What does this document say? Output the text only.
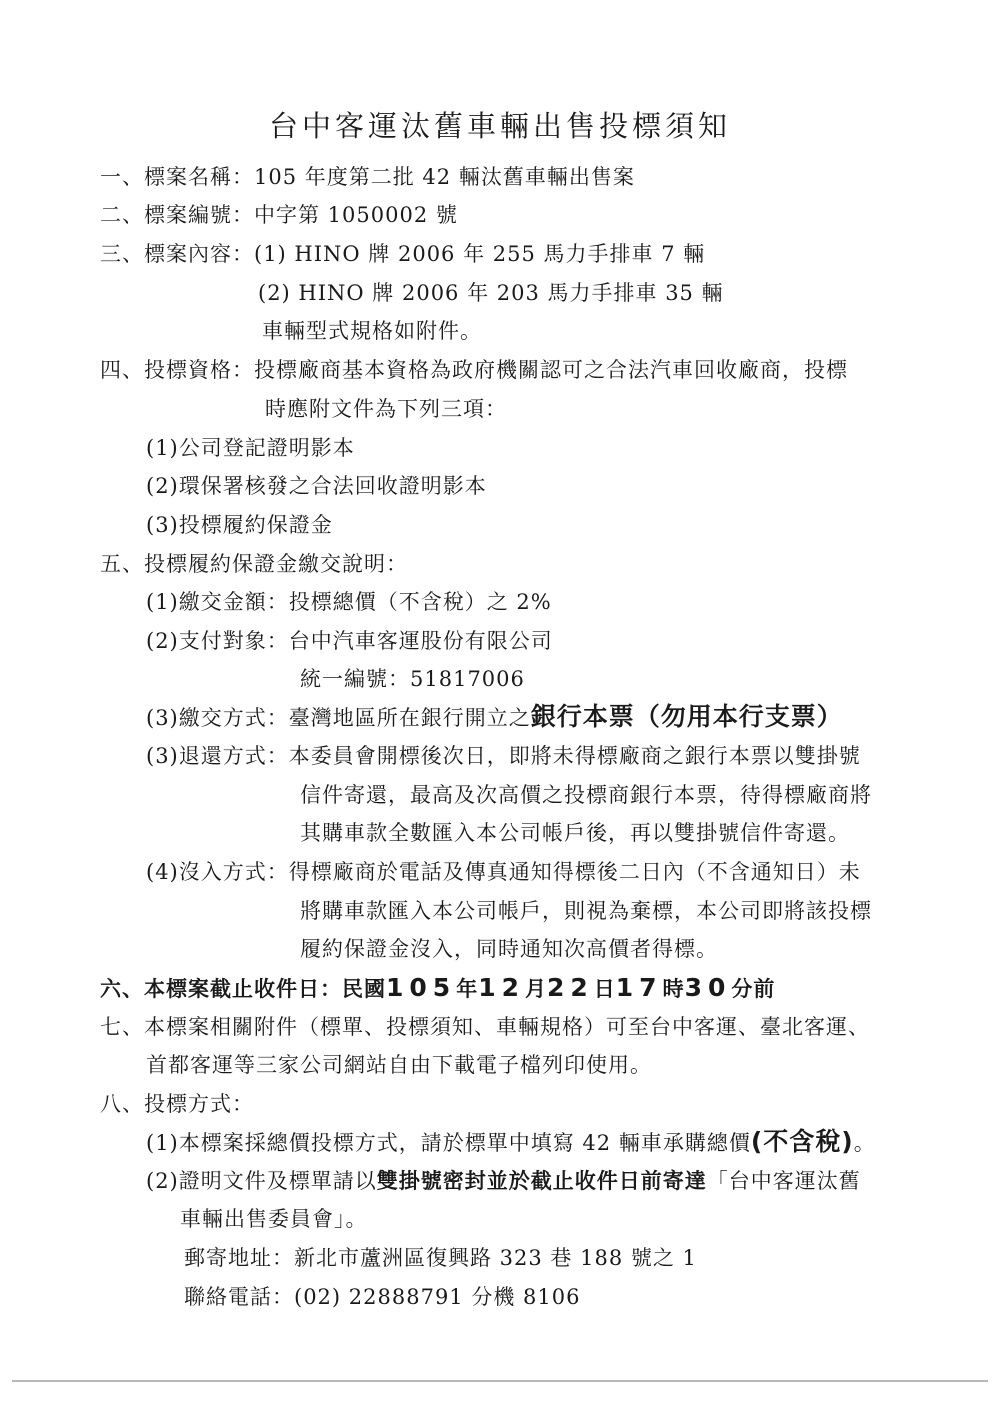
台中客運汰舊車輛出售投標須知
一、標案名稱：105 年度第二批 42 輛汰舊車輛出售案
二、標案編號：中字第 1050002 號
三、標案內容：(1) HINO 牌 2006 年 255 馬力手排車 7 輛
(2) HINO 牌 2006 年 203 馬力手排車 35 輛
車輛型式規格如附件。
四、投標資格：投標廠商基本資格為政府機關認可之合法汽車回收廠商，投標
時應附文件為下列三項：
(1)公司登記證明影本
(2)環保署核發之合法回收證明影本
(3)投標履約保證金
五、投標履約保證金繳交說明：
(1)繳交金額：投標總價（不含稅）之 2%
(2)支付對象：台中汽車客運股份有限公司
統一編號：51817006
(3)繳交方式：臺灣地區所在銀行開立之銀行本票（勿用本行支票）
(3)退還方式：本委員會開標後次日，即將未得標廠商之銀行本票以雙掛號
信件寄還，最高及次高價之投標商銀行本票，待得標廠商將
其購車款全數匯入本公司帳戶後，再以雙掛號信件寄還。
(4)沒入方式：得標廠商於電話及傳真通知得標後二日內（不含通知日）未
將購車款匯入本公司帳戶，則視為棄標，本公司即將該投標
履約保證金沒入，同時通知次高價者得標。
六、本標案截止收件日：民國105年12月22日17時30分前
七、本標案相關附件（標單、投標須知、車輛規格）可至台中客運、臺北客運、
首都客運等三家公司網站自由下載電子檔列印使用。
八、投標方式：
(1)本標案採總價投標方式，請於標單中填寫 42 輛車承購總價(不含稅)。
(2)證明文件及標單請以雙掛號密封並於截止收件日前寄達「台中客運汰舊
車輛出售委員會」。
郵寄地址：新北市蘆洲區復興路 323 巷 188 號之 1
聯絡電話：(02) 22888791 分機 8106
